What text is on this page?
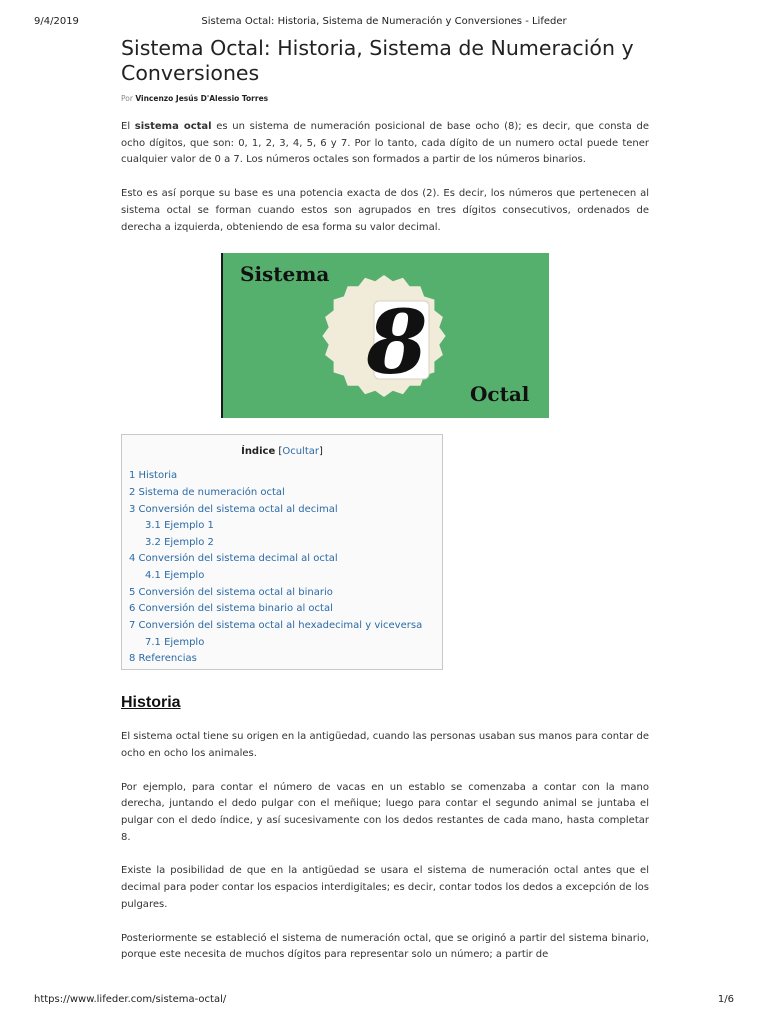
9/4/2019	Sistema Octal: Historia, Sistema de Numeración y Conversiones - Lifeder
Sistema Octal: Historia, Sistema de Numeración y Conversiones
Por Vincenzo Jesús D'Alessio Torres

El sistema octal es un sistema de numeración posicional de base ocho (8); es decir, que consta de ocho dígitos, que son: 0, 1, 2, 3, 4, 5, 6 y 7. Por lo tanto, cada dígito de un numero octal puede tener cualquier valor de 0 a 7. Los números octales son formados a partir de los números binarios.

Esto es así porque su base es una potencia exacta de dos (2). Es decir, los números que pertenecen al sistema octal se forman cuando estos son agrupados en tres dígitos consecutivos, ordenados de derecha a izquierda, obteniendo de esa forma su valor decimal.

Sistema
8 Octal
Índice [Ocultar]
1 Historia
2 Sistema de numeración octal
3 Conversión del sistema octal al decimal
3.1 Ejemplo 1
3.2 Ejemplo 2
4 Conversión del sistema decimal al octal
4.1 Ejemplo
5 Conversión del sistema octal al binario
6 Conversión del sistema binario al octal
7 Conversión del sistema octal al hexadecimal y viceversa
7.1 Ejemplo
8 Referencias
Historia

El sistema octal tiene su origen en la antigüedad, cuando las personas usaban sus manos para contar de ocho en ocho los animales.

Por ejemplo, para contar el número de vacas en un establo se comenzaba a contar con la mano derecha, juntando el dedo pulgar con el meñique; luego para contar el segundo animal se juntaba el pulgar con el dedo índice, y así sucesivamente con los dedos restantes de cada mano, hasta completar 8.

Existe la posibilidad de que en la antigüedad se usara el sistema de numeración octal antes que el decimal para poder contar los espacios interdigitales; es decir, contar todos los dedos a excepción de los pulgares.

Posteriormente se estableció el sistema de numeración octal, que se originó a partir del sistema binario, porque este necesita de muchos dígitos para representar solo un número; a partir de

https://www.lifeder.com/sistema-octal/	1/6
